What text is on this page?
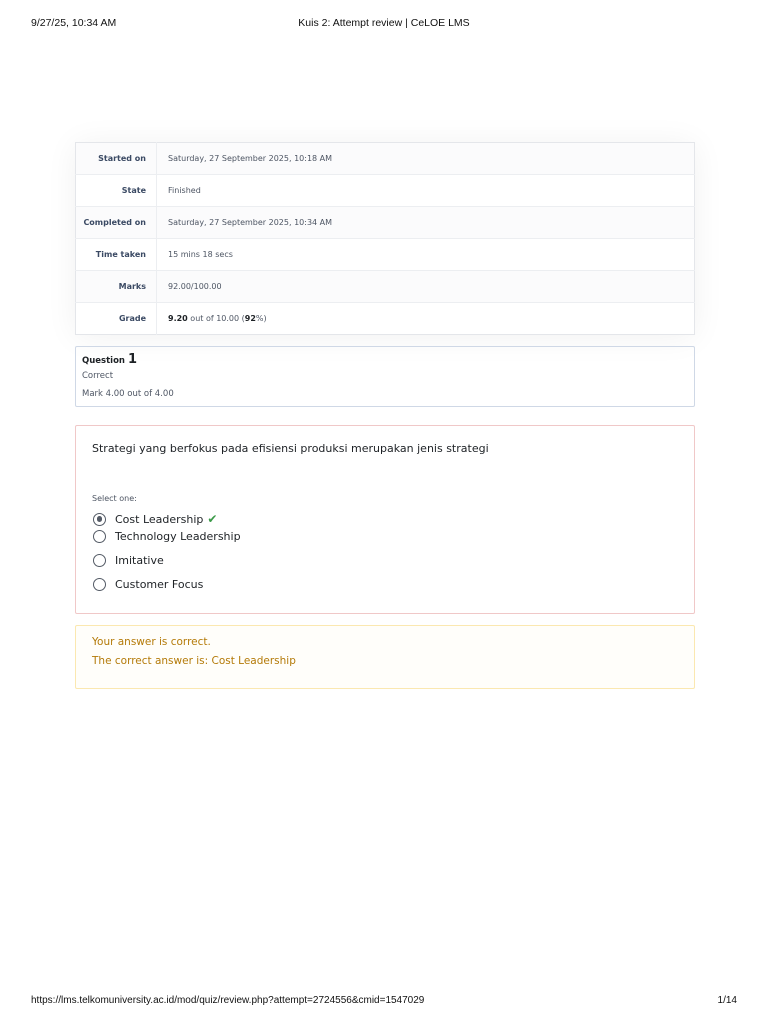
9/27/25, 10:34 AM	Kuis 2: Attempt review | CeLOE LMS
Started on	Saturday, 27 September 2025, 10:18 AM
State	Finished
Completed on	Saturday, 27 September 2025, 10:34 AM
Time taken	15 mins 18 secs
Marks	92.00/100.00
Grade	9.20 out of 10.00 (92%)
Question 1
Correct
Mark 4.00 out of 4.00
Strategi yang berfokus pada efisiensi produksi merupakan jenis strategi
Select one:
Cost Leadership ✔
Technology Leadership
Imitative
Customer Focus
Your answer is correct.
The correct answer is: Cost Leadership
https://lms.telkomuniversity.ac.id/mod/quiz/review.php?attempt=2724556&cmid=1547029	1/14
